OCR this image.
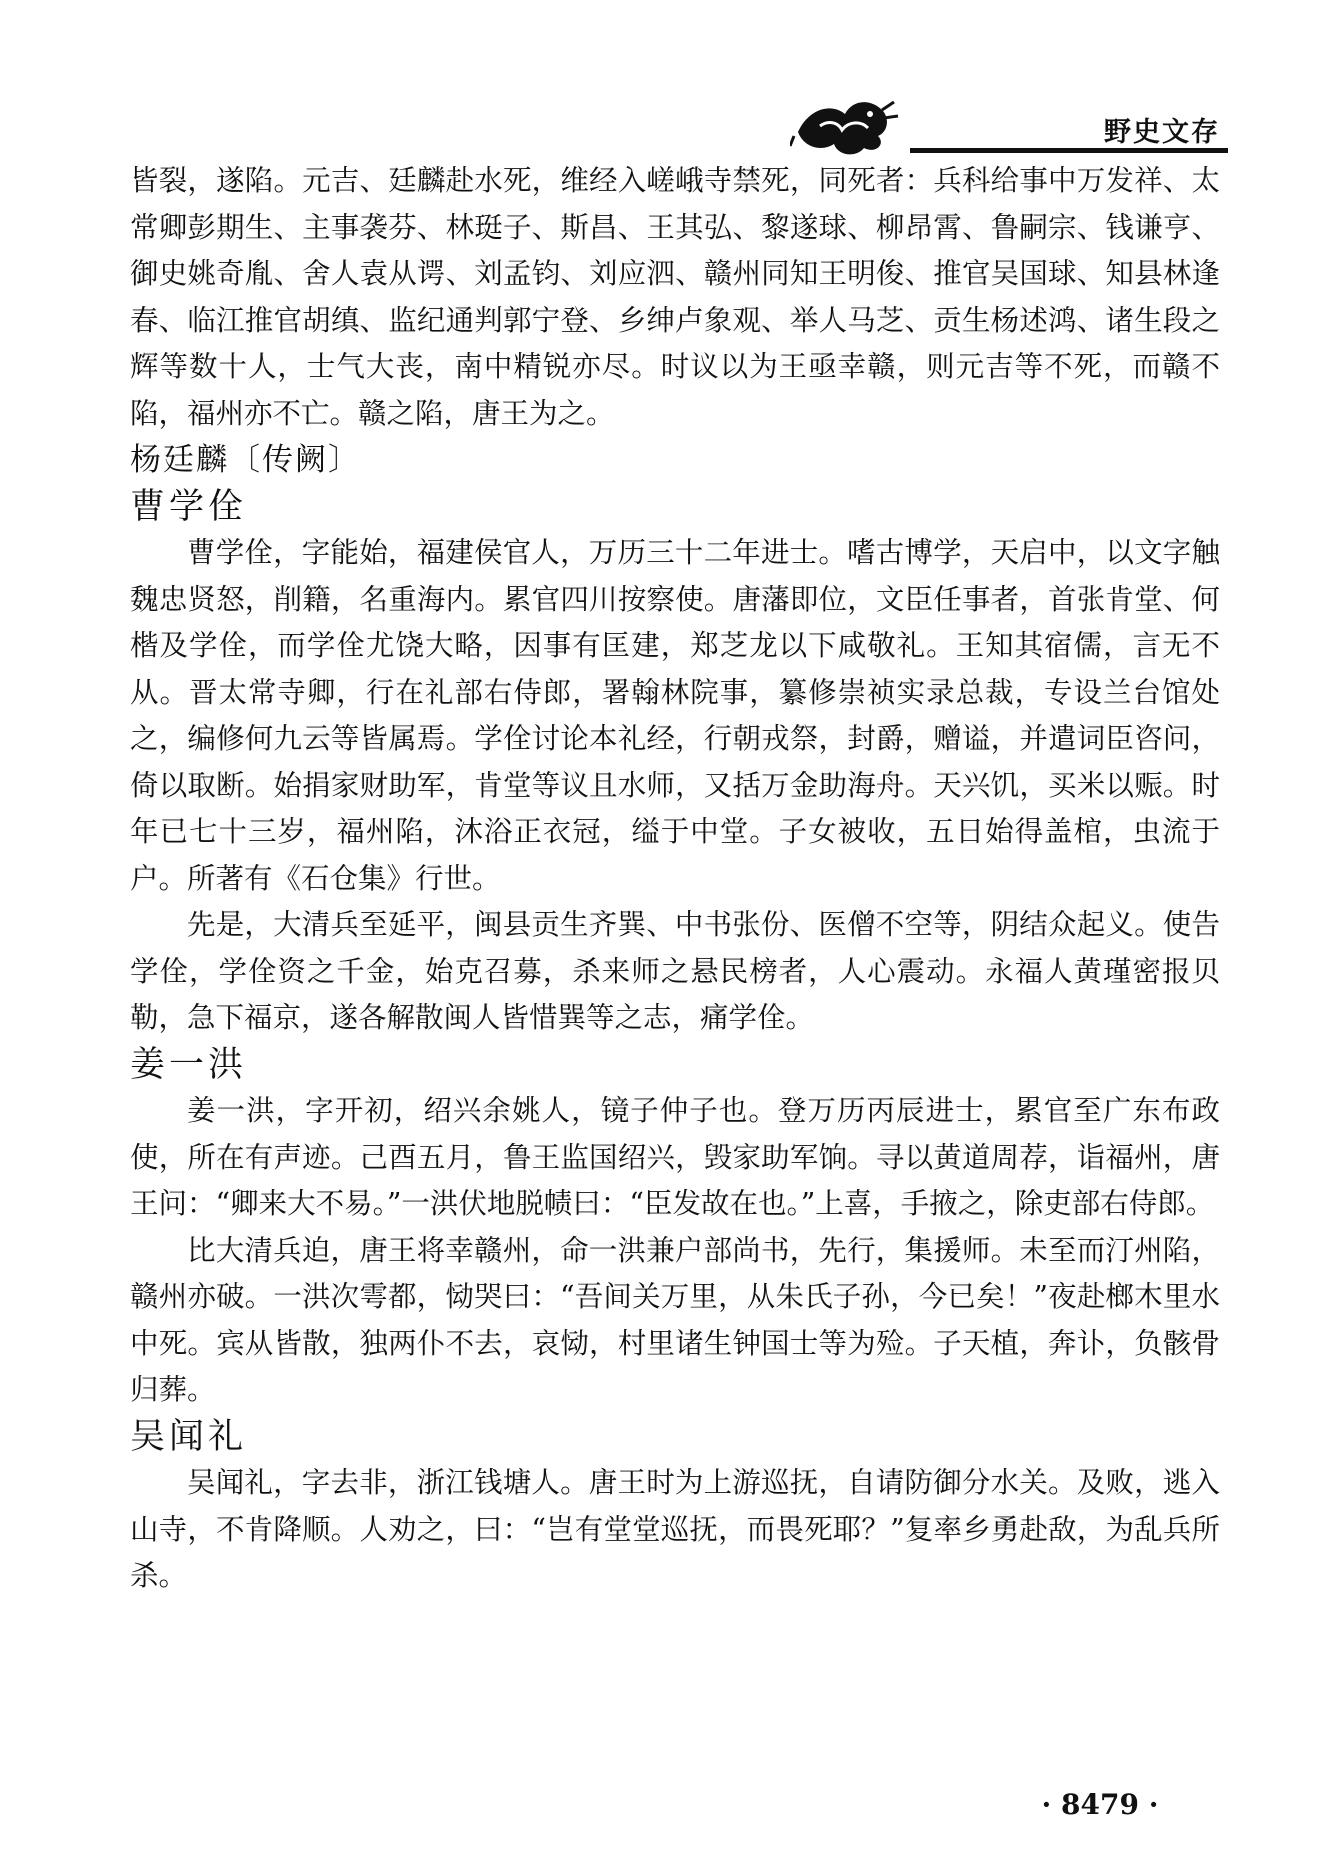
野史文存

皆裂，遂陷。元吉、廷麟赴水死，维经入嵯峨寺禁死，同死者：兵科给事中万发祥、太常卿彭期生、主事袭芬、林珽子、斯昌、王其弘、黎遂球、柳昂霄、鲁嗣宗、钱谦亨、御史姚奇胤、舍人袁从谔、刘孟钧、刘应泗、赣州同知王明俊、推官吴国球、知县林逢春、临江推官胡缜、监纪通判郭宁登、乡绅卢象观、举人马芝、贡生杨述鸿、诸生段之辉等数十人，士气大丧，南中精锐亦尽。时议以为王亟幸赣，则元吉等不死，而赣不陷，福州亦不亡。赣之陷，唐王为之。

杨廷麟〔传阙〕

曹学佺

曹学佺，字能始，福建侯官人，万历三十二年进士。嗜古博学，天启中，以文字触魏忠贤怒，削籍，名重海内。累官四川按察使。唐藩即位，文臣任事者，首张肯堂、何楷及学佺，而学佺尤饶大略，因事有匡建，郑芝龙以下咸敬礼。王知其宿儒，言无不从。晋太常寺卿，行在礼部右侍郎，署翰林院事，纂修崇祯实录总裁，专设兰台馆处之，编修何九云等皆属焉。学佺讨论本礼经，行朝戎祭，封爵，赠谥，并遣词臣咨问，倚以取断。始捐家财助军，肯堂等议且水师，又括万金助海舟。天兴饥，买米以赈。时年已七十三岁，福州陷，沐浴正衣冠，缢于中堂。子女被收，五日始得盖棺，虫流于户。所著有《石仓集》行世。

先是，大清兵至延平，闽县贡生齐巽、中书张份、医僧不空等，阴结众起义。使告学佺，学佺资之千金，始克召募，杀来师之悬民榜者，人心震动。永福人黄瑾密报贝勒，急下福京，遂各解散闽人皆惜巽等之志，痛学佺。

姜一洪

姜一洪，字开初，绍兴余姚人，镜子仲子也。登万历丙辰进士，累官至广东布政使，所在有声迹。己酉五月，鲁王监国绍兴，毁家助军饷。寻以黄道周荐，诣福州，唐王问：“卿来大不易。”一洪伏地脱帻曰：“臣发故在也。”上喜，手掖之，除吏部右侍郎。

比大清兵迫，唐王将幸赣州，命一洪兼户部尚书，先行，集援师。未至而汀州陷，赣州亦破。一洪次雩都，恸哭曰：“吾间关万里，从朱氏子孙，今已矣！”夜赴榔木里水中死。宾从皆散，独两仆不去，哀恸，村里诸生钟国士等为殓。子天植，奔讣，负骸骨归葬。

吴闻礼

吴闻礼，字去非，浙江钱塘人。唐王时为上游巡抚，自请防御分水关。及败，逃入山寺，不肯降顺。人劝之，曰：“岂有堂堂巡抚，而畏死耶？”复率乡勇赴敌，为乱兵所杀。

· 8479 ·
